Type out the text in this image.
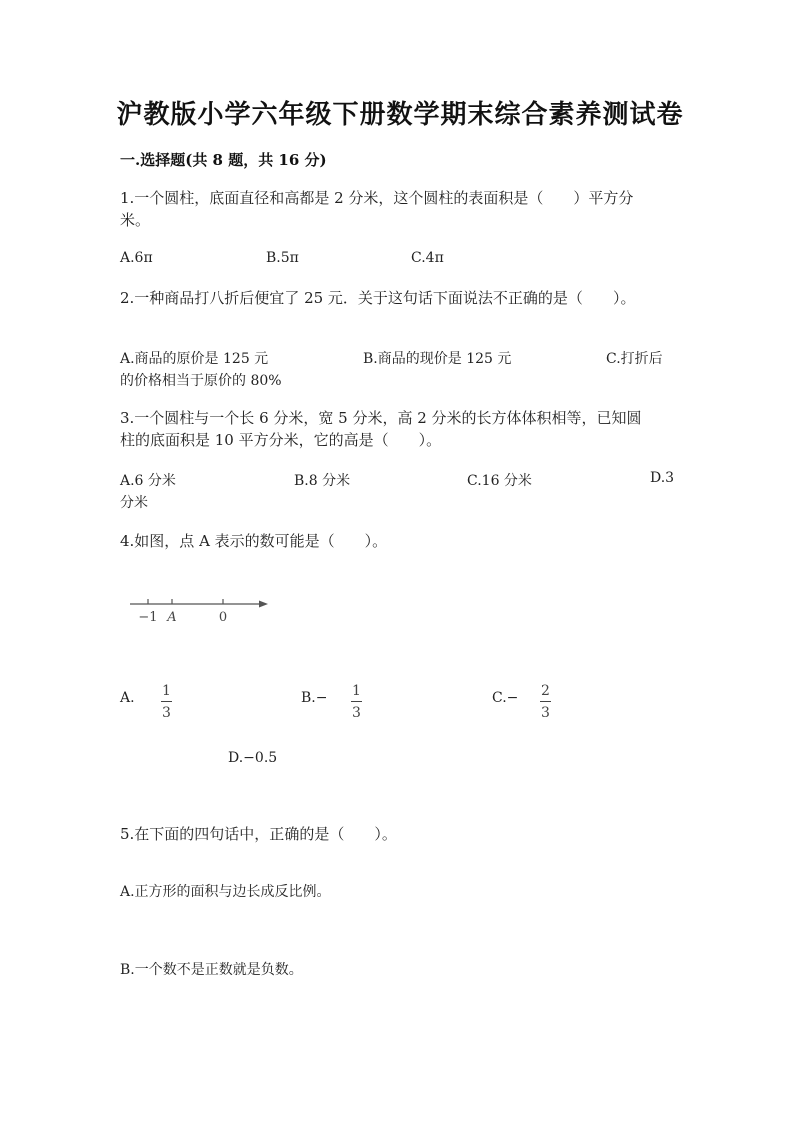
沪教版小学六年级下册数学期末综合素养测试卷
一.选择题(共 8 题，共 16 分)
1.一个圆柱，底面直径和高都是 2 分米，这个圆柱的表面积是（　　）平方分
米。
A.6π	B.5π	C.4π
2.一种商品打八折后便宜了 25 元．关于这句话下面说法不正确的是（　　）。
A.商品的原价是 125 元	B.商品的现价是 125 元	C.打折后
的价格相当于原价的 80%
3.一个圆柱与一个长 6 分米，宽 5 分米，高 2 分米的长方体体积相等，已知圆
柱的底面积是 10 平方分米，它的高是（　　）。
A.6 分米	B.8 分米	C.16 分米	D.3
分米
4.如图，点 A 表示的数可能是（　　）。
−1 A	0
A. 1
3
B.− 1
3
C.− 2
3
D.−0.5
5.在下面的四句话中，正确的是（　　）。
A.正方形的面积与边长成反比例。
B.一个数不是正数就是负数。
